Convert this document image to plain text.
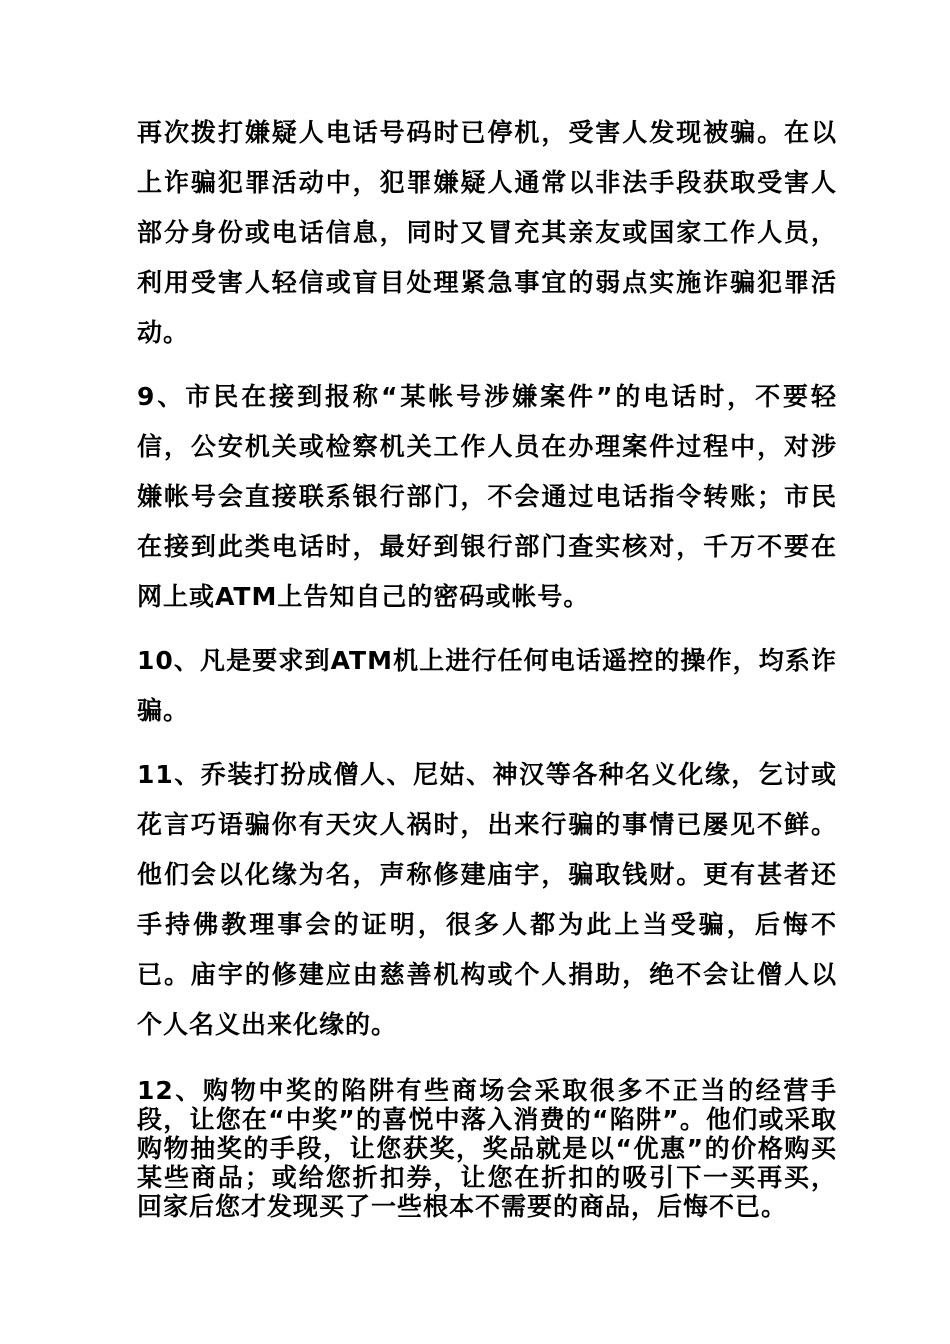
再次拨打嫌疑人电话号码时已停机，受害人发现被骗。在以上诈骗犯罪活动中，犯罪嫌疑人通常以非法手段获取受害人部分身份或电话信息，同时又冒充其亲友或国家工作人员，利用受害人轻信或盲目处理紧急事宜的弱点实施诈骗犯罪活动。

9、市民在接到报称“某帐号涉嫌案件”的电话时，不要轻信，公安机关或检察机关工作人员在办理案件过程中，对涉嫌帐号会直接联系银行部门，不会通过电话指令转账；市民在接到此类电话时，最好到银行部门查实核对，千万不要在网上或ATM上告知自己的密码或帐号。

10、凡是要求到ATM机上进行任何电话遥控的操作，均系诈骗。

11、乔装打扮成僧人、尼姑、神汉等各种名义化缘，乞讨或花言巧语骗你有天灾人祸时，出来行骗的事情已屡见不鲜。他们会以化缘为名，声称修建庙宇，骗取钱财。更有甚者还手持佛教理事会的证明，很多人都为此上当受骗，后悔不已。庙宇的修建应由慈善机构或个人捐助，绝不会让僧人以个人名义出来化缘的。

12、购物中奖的陷阱有些商场会采取很多不正当的经营手段，让您在“中奖”的喜悦中落入消费的“陷阱”。他们或采取购物抽奖的手段，让您获奖，奖品就是以“优惠”的价格购买某些商品；或给您折扣券，让您在折扣的吸引下一买再买，回家后您才发现买了一些根本不需要的商品，后悔不已。
